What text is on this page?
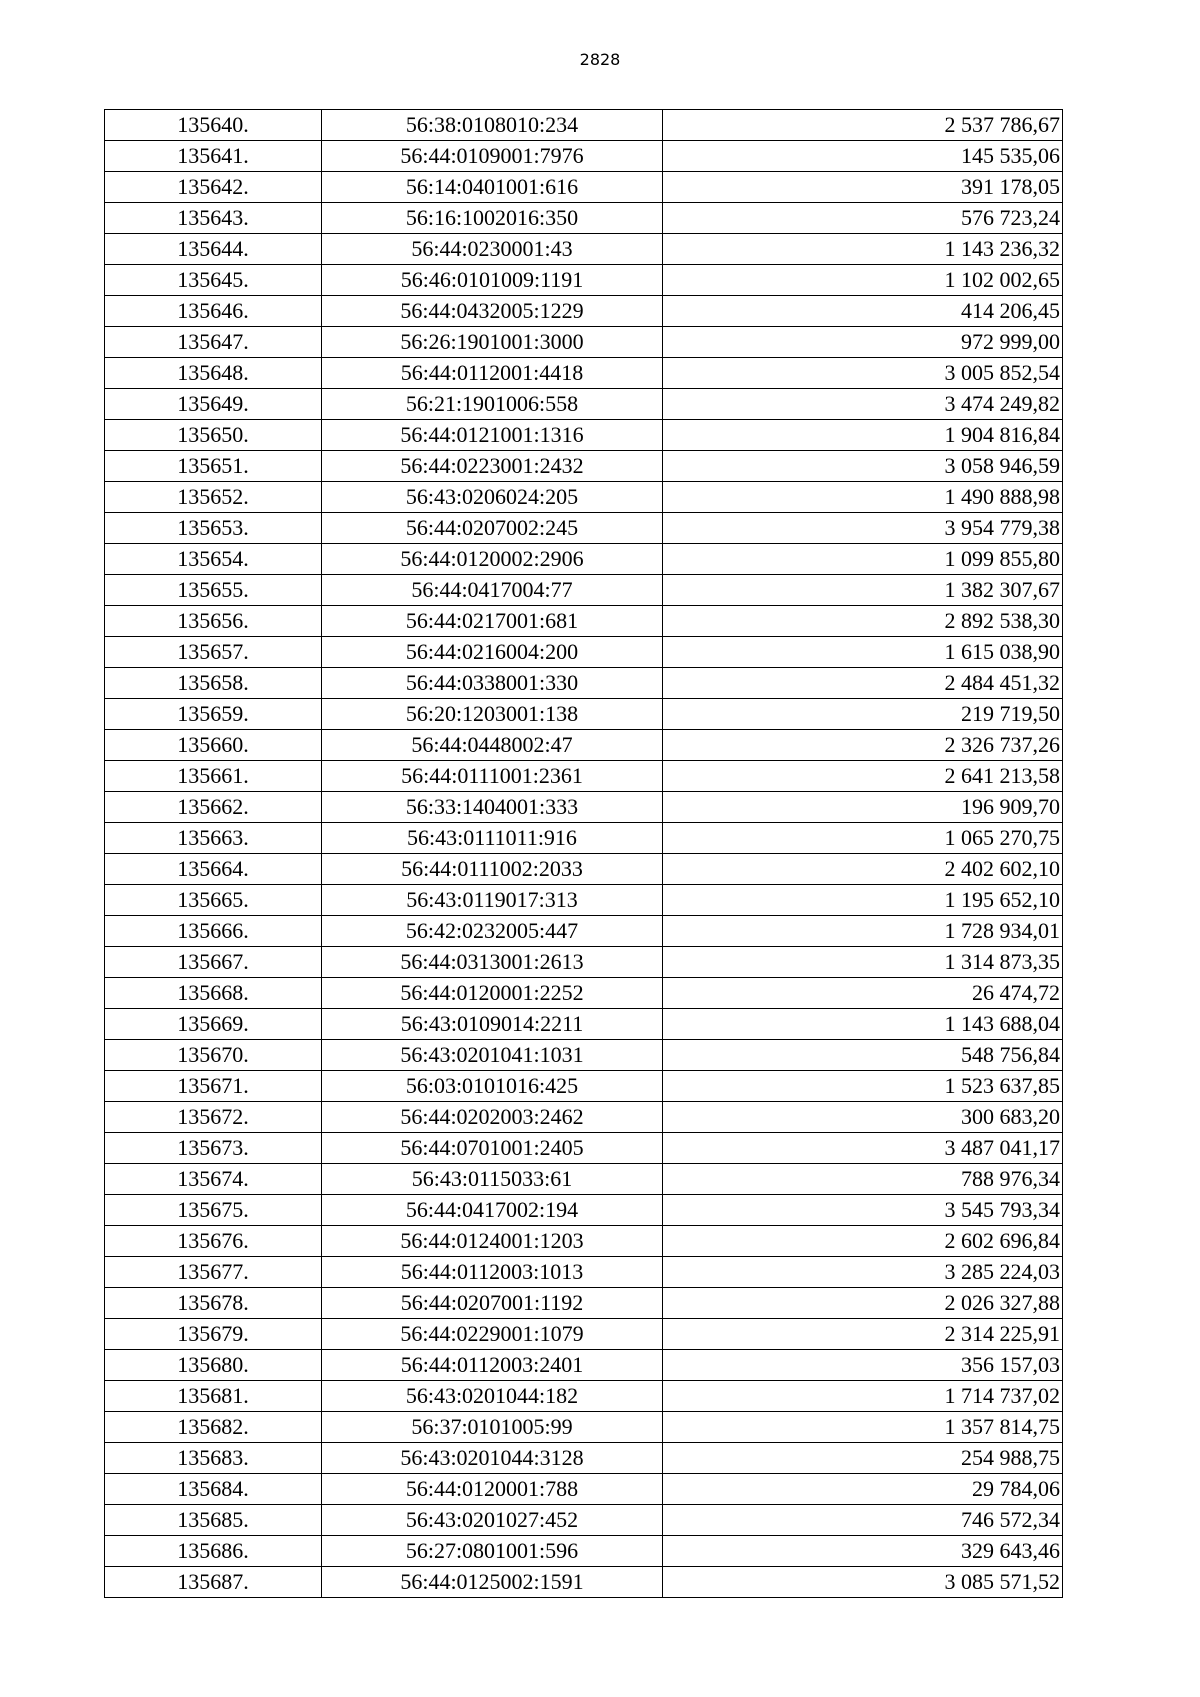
2828
135640.	56:38:0108010:234	2 537 786,67
135641.	56:44:0109001:7976	145 535,06
135642.	56:14:0401001:616	391 178,05
135643.	56:16:1002016:350	576 723,24
135644.	56:44:0230001:43	1 143 236,32
135645.	56:46:0101009:1191	1 102 002,65
135646.	56:44:0432005:1229	414 206,45
135647.	56:26:1901001:3000	972 999,00
135648.	56:44:0112001:4418	3 005 852,54
135649.	56:21:1901006:558	3 474 249,82
135650.	56:44:0121001:1316	1 904 816,84
135651.	56:44:0223001:2432	3 058 946,59
135652.	56:43:0206024:205	1 490 888,98
135653.	56:44:0207002:245	3 954 779,38
135654.	56:44:0120002:2906	1 099 855,80
135655.	56:44:0417004:77	1 382 307,67
135656.	56:44:0217001:681	2 892 538,30
135657.	56:44:0216004:200	1 615 038,90
135658.	56:44:0338001:330	2 484 451,32
135659.	56:20:1203001:138	219 719,50
135660.	56:44:0448002:47	2 326 737,26
135661.	56:44:0111001:2361	2 641 213,58
135662.	56:33:1404001:333	196 909,70
135663.	56:43:0111011:916	1 065 270,75
135664.	56:44:0111002:2033	2 402 602,10
135665.	56:43:0119017:313	1 195 652,10
135666.	56:42:0232005:447	1 728 934,01
135667.	56:44:0313001:2613	1 314 873,35
135668.	56:44:0120001:2252	26 474,72
135669.	56:43:0109014:2211	1 143 688,04
135670.	56:43:0201041:1031	548 756,84
135671.	56:03:0101016:425	1 523 637,85
135672.	56:44:0202003:2462	300 683,20
135673.	56:44:0701001:2405	3 487 041,17
135674.	56:43:0115033:61	788 976,34
135675.	56:44:0417002:194	3 545 793,34
135676.	56:44:0124001:1203	2 602 696,84
135677.	56:44:0112003:1013	3 285 224,03
135678.	56:44:0207001:1192	2 026 327,88
135679.	56:44:0229001:1079	2 314 225,91
135680.	56:44:0112003:2401	356 157,03
135681.	56:43:0201044:182	1 714 737,02
135682.	56:37:0101005:99	1 357 814,75
135683.	56:43:0201044:3128	254 988,75
135684.	56:44:0120001:788	29 784,06
135685.	56:43:0201027:452	746 572,34
135686.	56:27:0801001:596	329 643,46
135687.	56:44:0125002:1591	3 085 571,52
